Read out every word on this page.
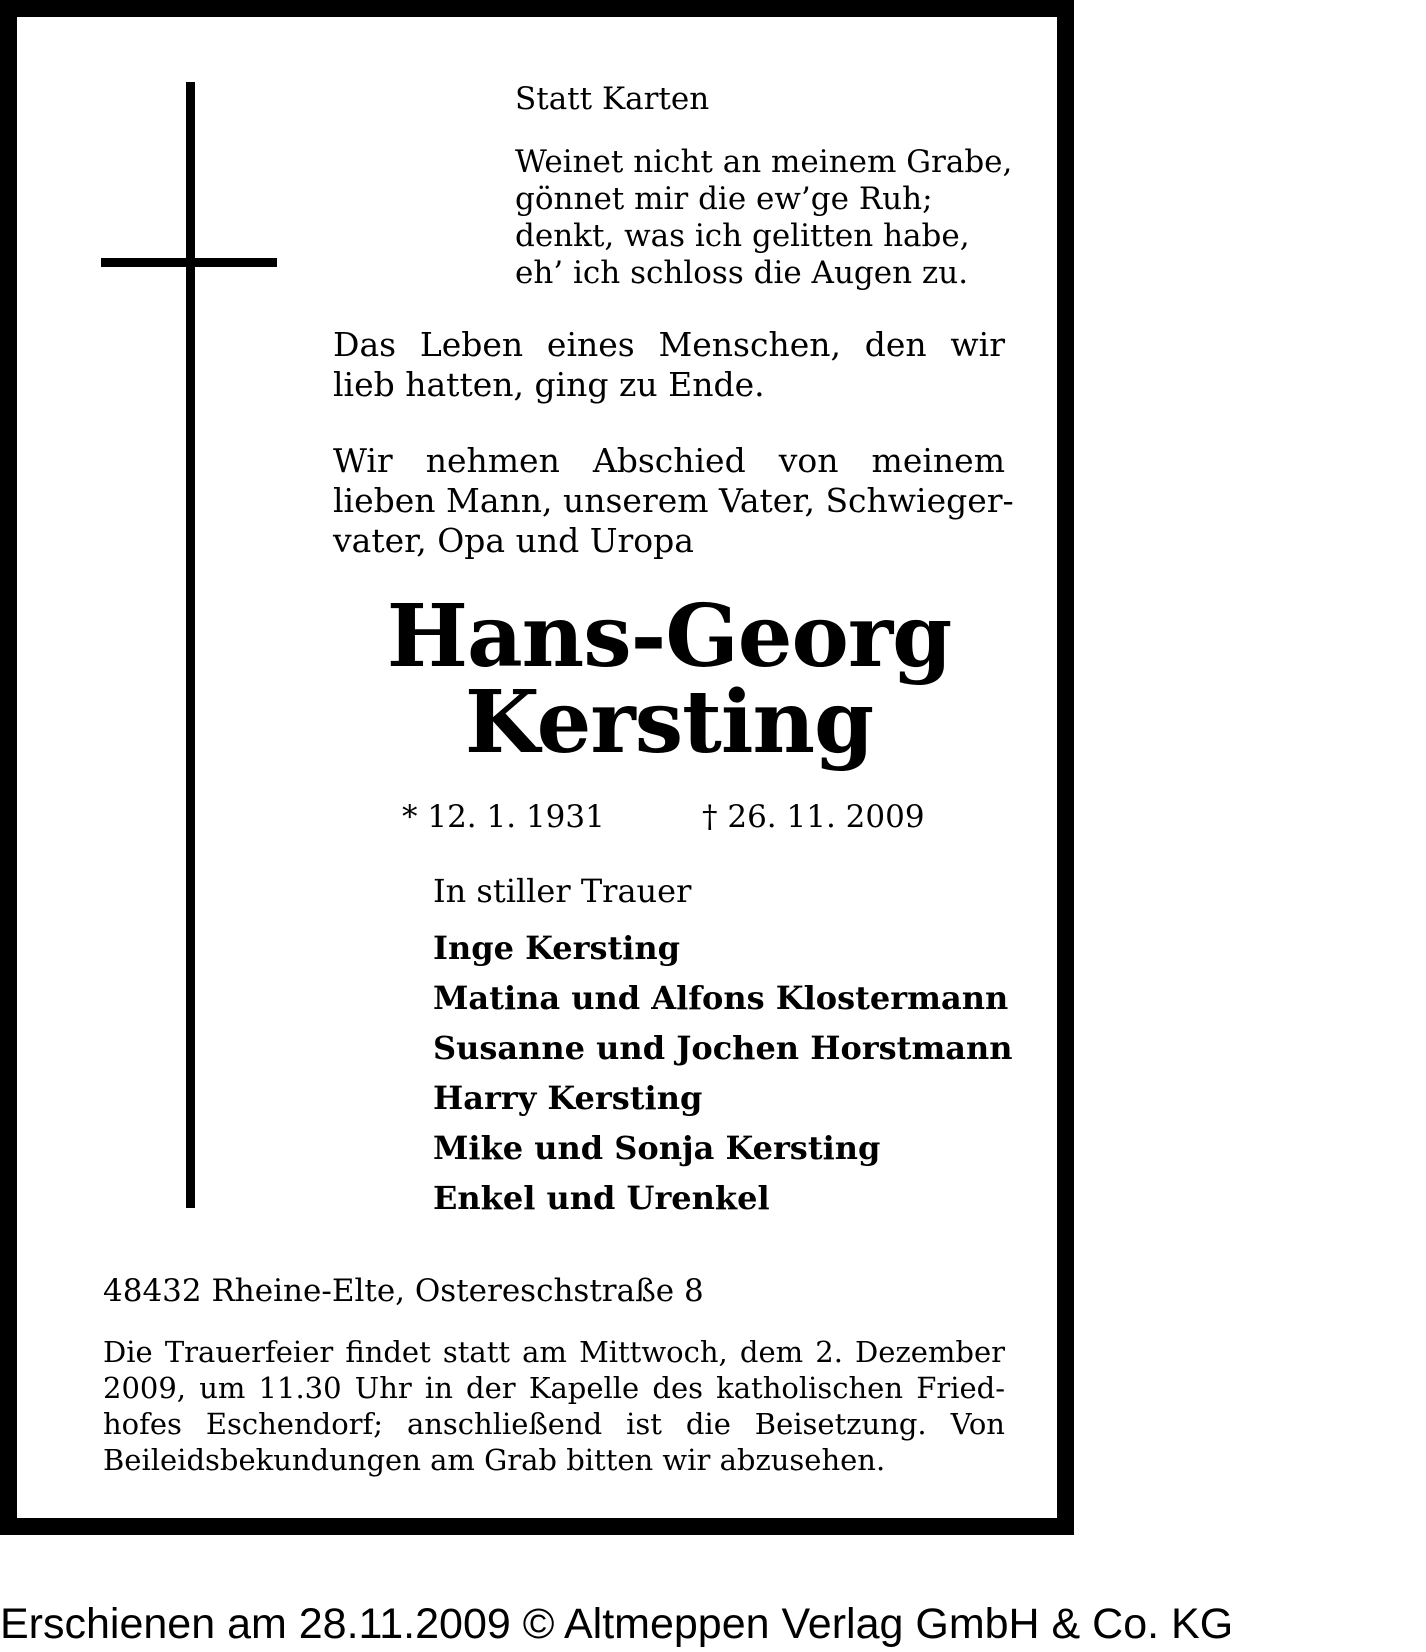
Statt Karten

Weinet nicht an meinem Grabe,
gönnet mir die ew’ge Ruh;
denkt, was ich gelitten habe,
eh’ ich schloss die Augen zu.
Das Leben eines Menschen, den wir
lieb hatten, ging zu Ende.
Wir nehmen Abschied von meinem
lieben Mann, unserem Vater, Schwieger-
vater, Opa und Uropa
Hans-Georg
Kersting

* 12. 1. 1931	† 26. 11. 2009

In stiller Trauer

Inge Kersting
Matina und Alfons Klostermann
Susanne und Jochen Horstmann
Harry Kersting
Mike und Sonja Kersting
Enkel und Urenkel

48432 Rheine-Elte, Ostereschstraße 8

Die Trauerfeier findet statt am Mittwoch, dem 2. Dezember
2009, um 11.30 Uhr in der Kapelle des katholischen Fried-
hofes Eschendorf; anschließend ist die Beisetzung. Von
Beileidsbekundungen am Grab bitten wir abzusehen.
Erschienen am 28.11.2009 © Altmeppen Verlag GmbH & Co. KG
